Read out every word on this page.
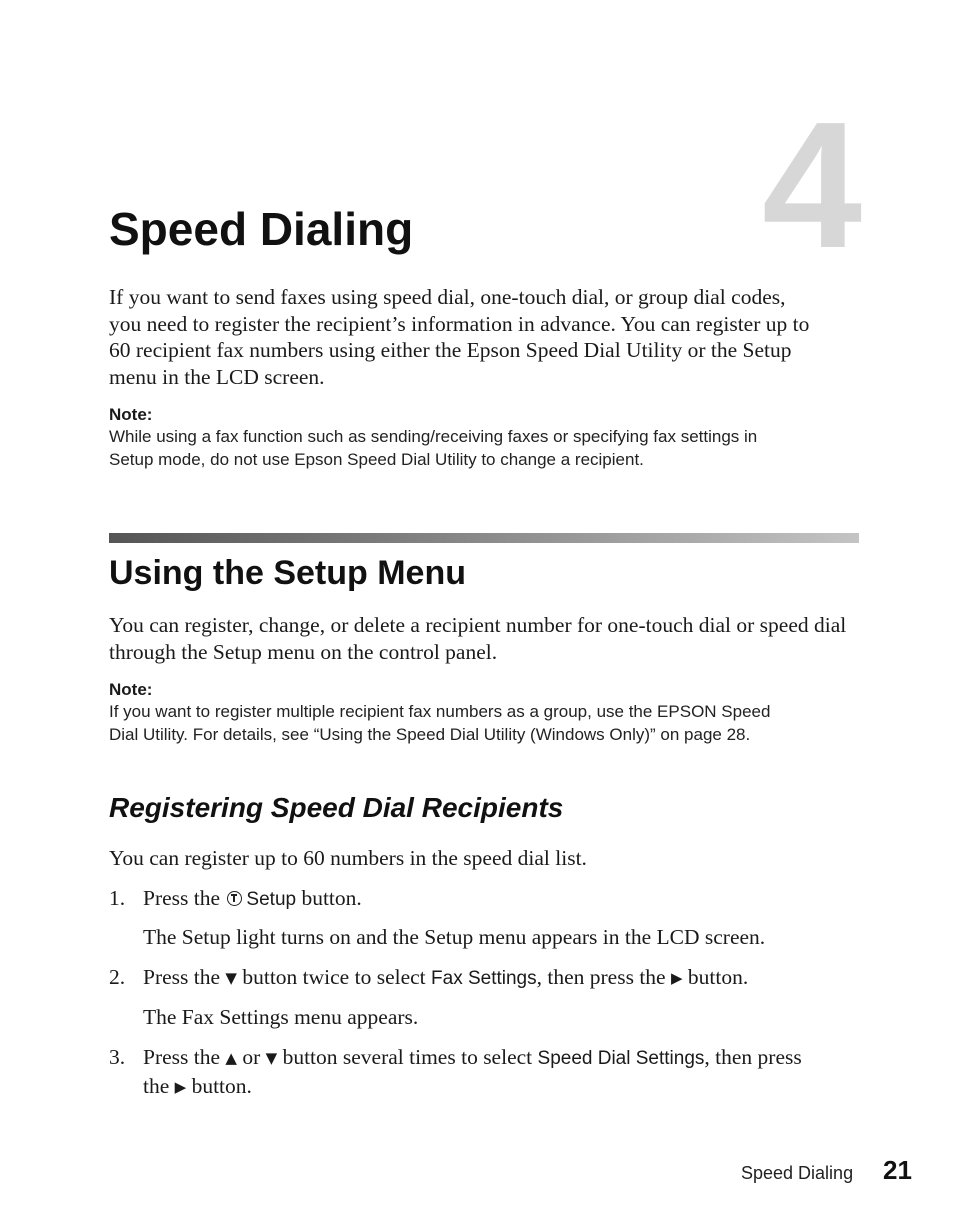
4
Speed Dialing

If you want to send faxes using speed dial, one-touch dial, or group dial codes,

you need to register the recipient’s information in advance. You can register up to

60 recipient fax numbers using either the Epson Speed Dial Utility or the Setup

menu in the LCD screen.

Note:

While using a fax function such as sending/receiving faxes or specifying fax settings in

Setup mode, do not use Epson Speed Dial Utility to change a recipient.

Using the Setup Menu

You can register, change, or delete a recipient number for one-touch dial or speed dial

through the Setup menu on the control panel.

Note:

If you want to register multiple recipient fax numbers as a group, use the EPSON Speed

Dial Utility. For details, see “Using the Speed Dial Utility (Windows Only)” on page 28.

Registering Speed Dial Recipients

You can register up to 60 numbers in the speed dial list.

1. Press the Setup button.

The Setup light turns on and the Setup menu appears in the LCD screen.

2. Press the ▼ button twice to select Fax Settings, then press the ▶ button.

The Fax Settings menu appears.

3. Press the ▲ or ▼ button several times to select Speed Dial Settings, then press
the ▶ button.

Speed Dialing 21
